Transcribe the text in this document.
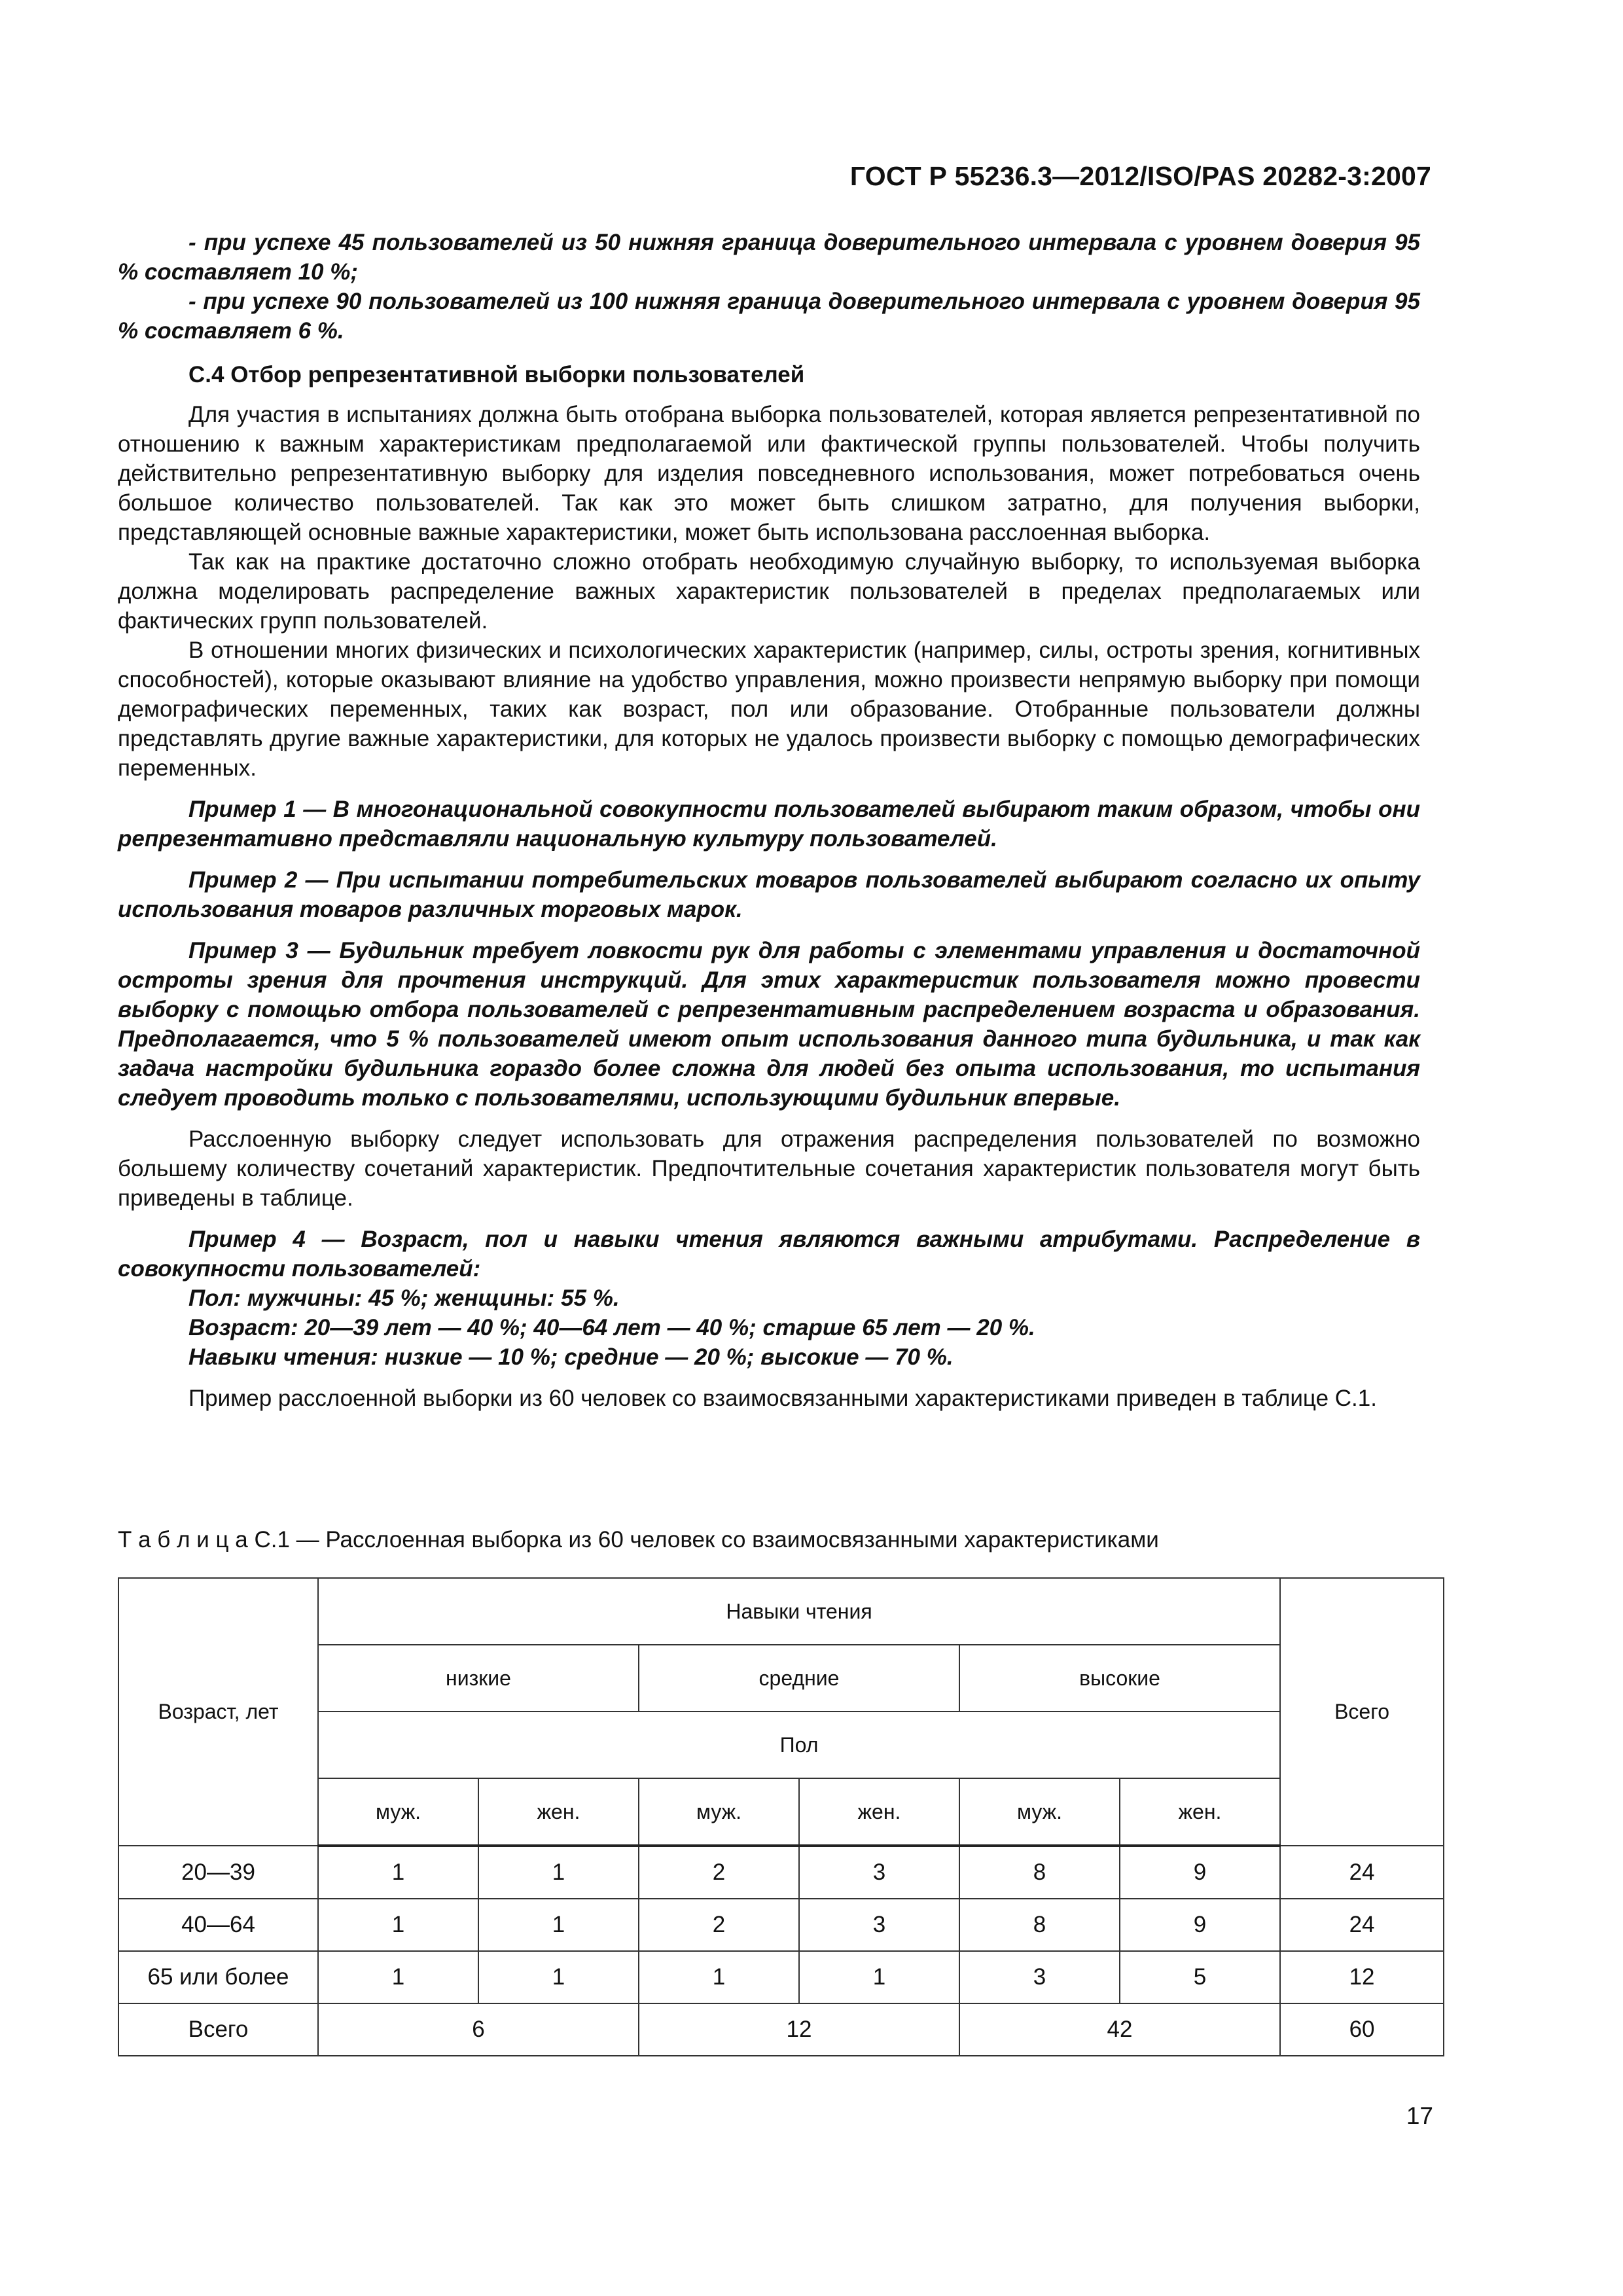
ГОСТ Р 55236.3—2012/ISO/PAS 20282-3:2007

- при успехе 45 пользователей из 50 нижняя граница доверительного интервала с уровнем доверия 95 % составляет 10 %;

- при успехе 90 пользователей из 100 нижняя граница доверительного интервала с уровнем доверия 95 % составляет 6 %.

С.4 Отбор репрезентативной выборки пользователей

Для участия в испытаниях должна быть отобрана выборка пользователей, которая является репрезентативной по отношению к важным характеристикам предполагаемой или фактической группы пользователей. Чтобы получить действительно репрезентативную выборку для изделия повседневного использования, может потребоваться очень большое количество пользователей. Так как это может быть слишком затратно, для получения выборки, представляющей основные важные характеристики, может быть использована расслоенная выборка.

Так как на практике достаточно сложно отобрать необходимую случайную выборку, то используемая выборка должна моделировать распределение важных характеристик пользователей в пределах предполагаемых или фактических групп пользователей.

В отношении многих физических и психологических характеристик (например, силы, остроты зрения, когнитивных способностей), которые оказывают влияние на удобство управления, можно произвести непрямую выборку при помощи демографических переменных, таких как возраст, пол или образование. Отобранные пользователи должны представлять другие важные характеристики, для которых не удалось произвести выборку с помощью демографических переменных.

Пример 1 — В многонациональной совокупности пользователей выбирают таким образом, чтобы они репрезентативно представляли национальную культуру пользователей.

Пример 2 — При испытании потребительских товаров пользователей выбирают согласно их опыту использования товаров различных торговых марок.

Пример 3 — Будильник требует ловкости рук для работы с элементами управления и достаточной остроты зрения для прочтения инструкций. Для этих характеристик пользователя можно провести выборку с помощью отбора пользователей с репрезентативным распределением возраста и образования. Предполагается, что 5 % пользователей имеют опыт использования данного типа будильника, и так как задача настройки будильника гораздо более сложна для людей без опыта использования, то испытания следует проводить только с пользователями, использующими будильник впервые.

Расслоенную выборку следует использовать для отражения распределения пользователей по возможно большему количеству сочетаний характеристик. Предпочтительные сочетания характеристик пользователя могут быть приведены в таблице.

Пример 4 — Возраст, пол и навыки чтения являются важными атрибутами. Распределение в совокупности пользователей:

Пол: мужчины: 45 %; женщины: 55 %.

Возраст: 20—39 лет — 40 %; 40—64 лет — 40 %; старше 65 лет — 20 %.

Навыки чтения: низкие — 10 %; средние — 20 %; высокие — 70 %.

Пример расслоенной выборки из 60 человек со взаимосвязанными характеристиками приведен в таблице С.1.

Т а б л и ц а С.1 — Расслоенная выборка из 60 человек со взаимосвязанными характеристиками
Возраст, лет	Навыки чтения						Всего
	низкие		средние		высокие		
	Пол						
	муж.	жен.	муж.	жен.	муж.	жен.	
20—39	1	1	2	3	8	9	24
40—64	1	1	2	3	8	9	24
65 или более	1	1	1	1	3	5	12
Всего	6		12		42		60
17
